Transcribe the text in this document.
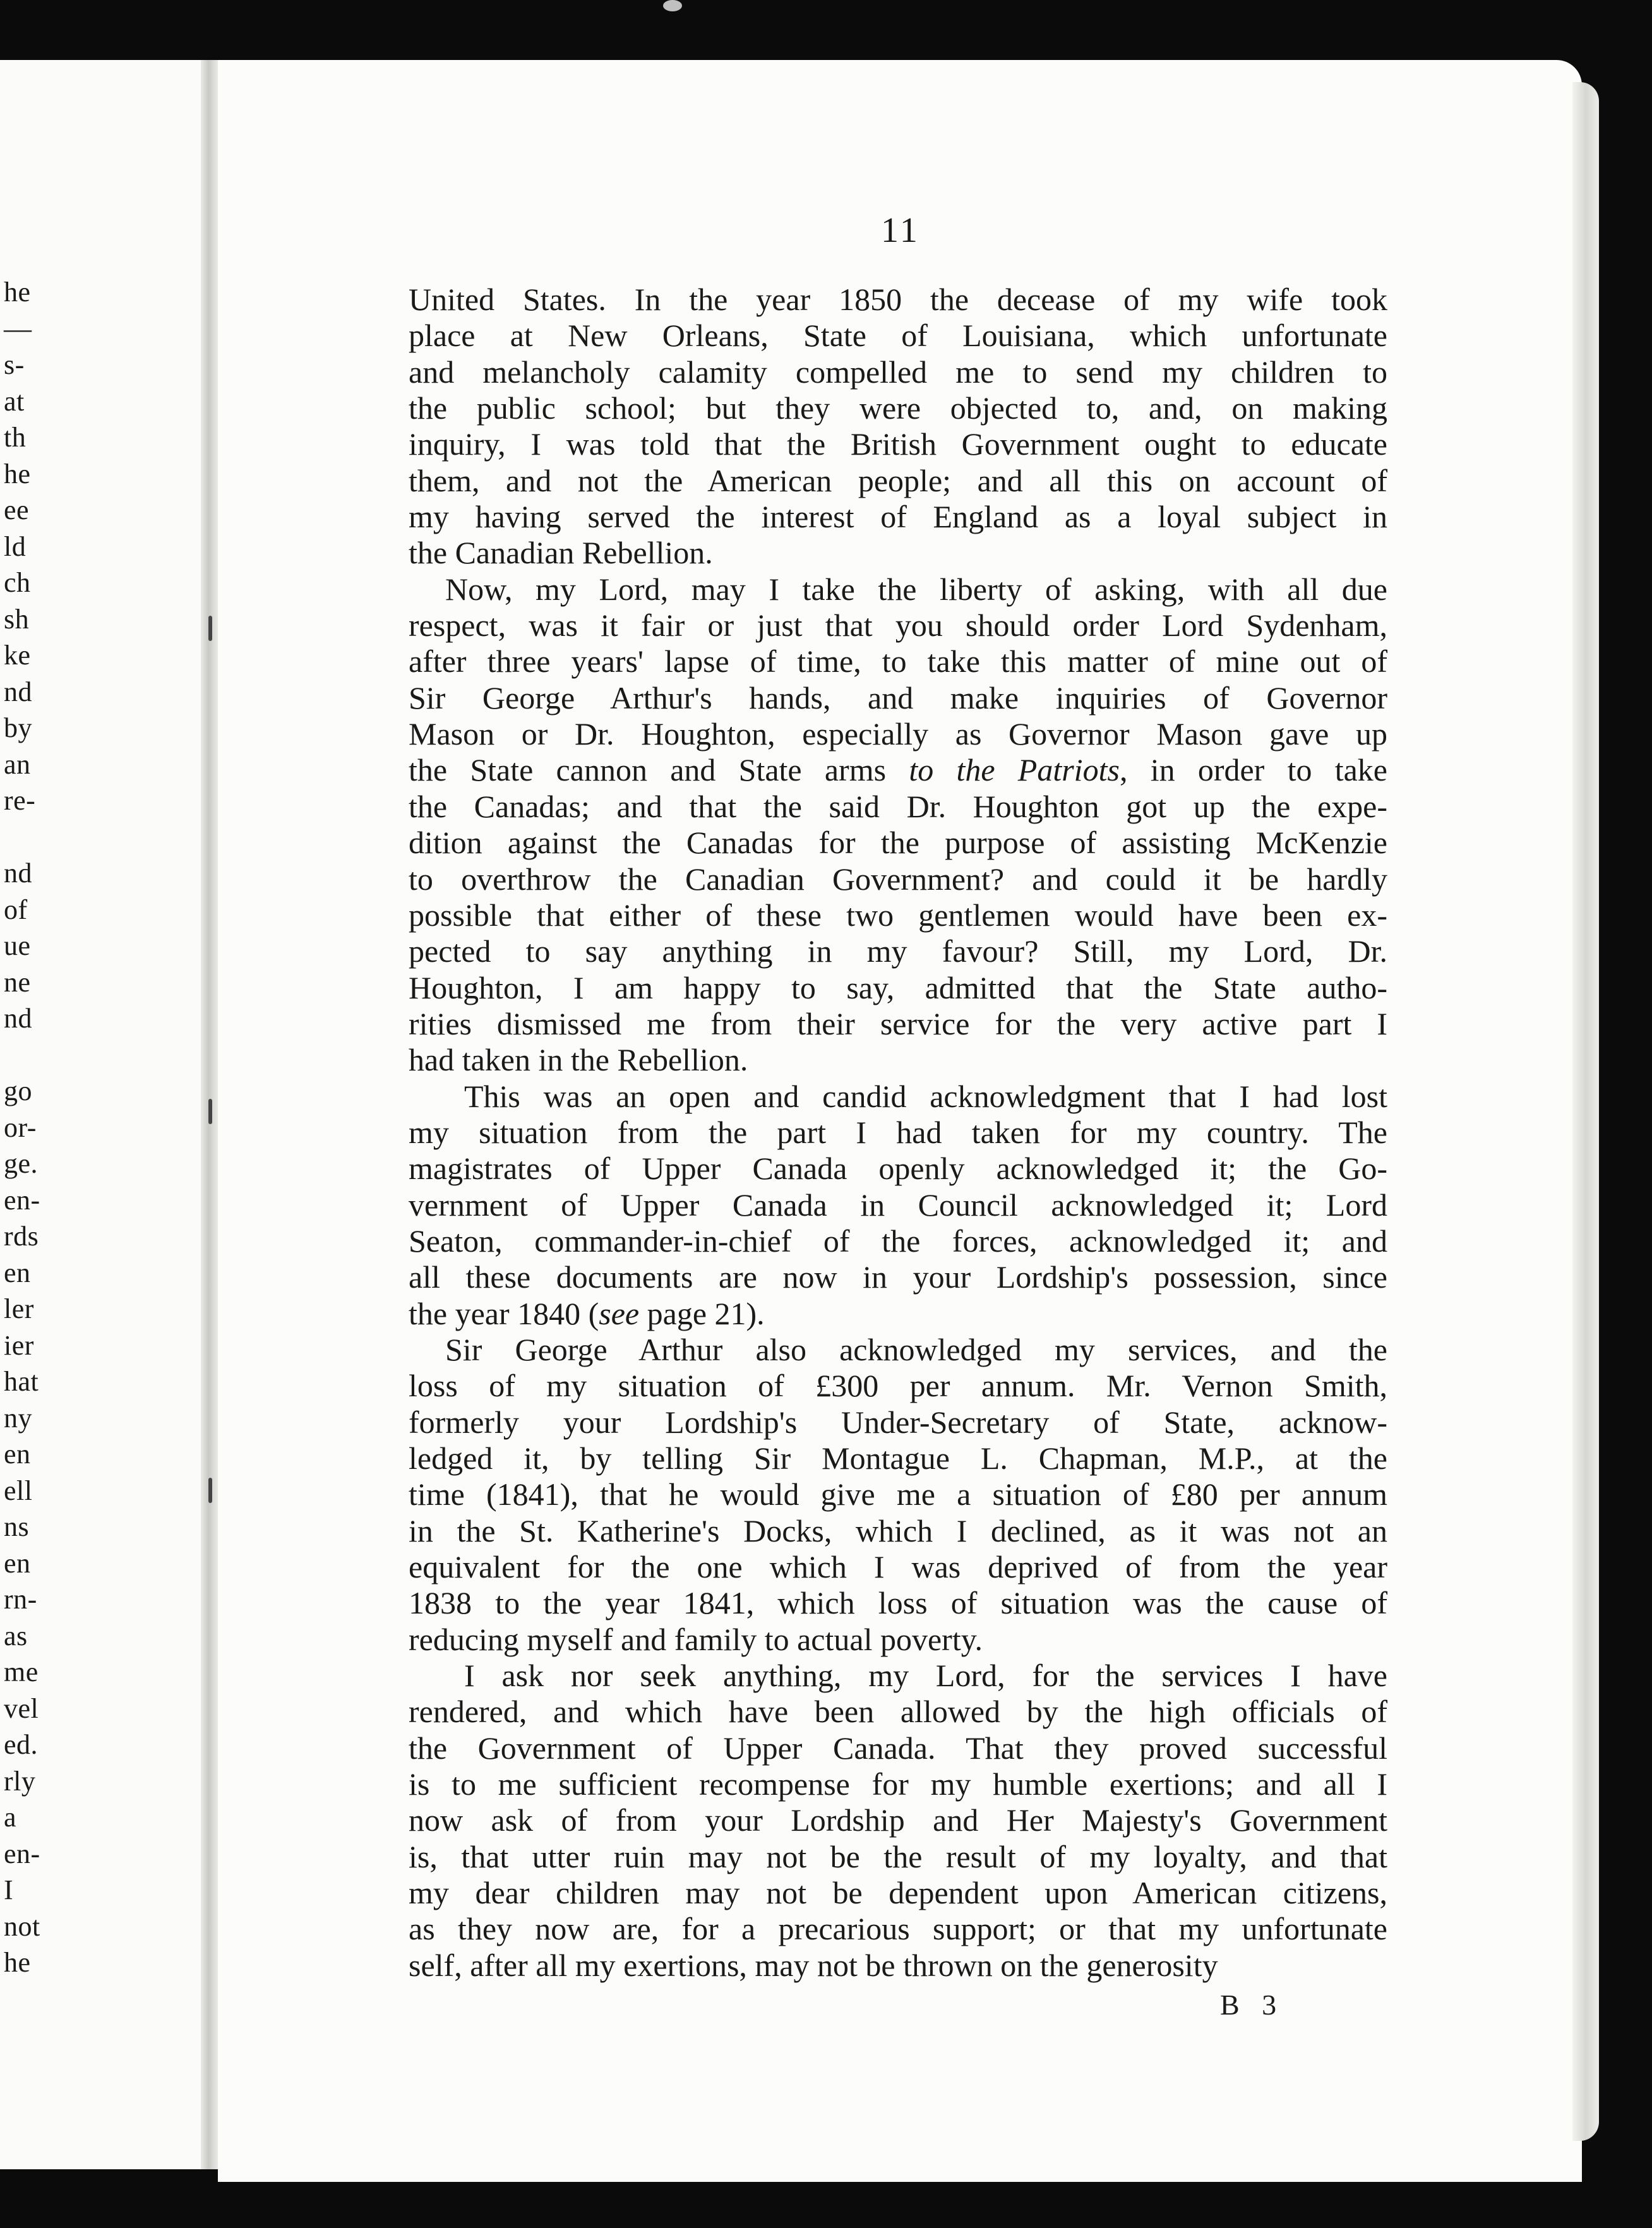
he
—
s-
at
th
he
ee
ld
ch
sh
ke
nd
by
an
re-
nd
of
ue
ne
nd
go
or-
ge.
en-
rds
en
ler
ier
hat
ny
en
ell
ns
en
rn-
as
me
vel
ed.
rly
a
en-
I
not
he
11
United States. In the year 1850 the decease of my wife took
place at New Orleans, State of Louisiana, which unfortunate
and melancholy calamity compelled me to send my children to
the public school; but they were objected to, and, on making
inquiry, I was told that the British Government ought to educate
them, and not the American people; and all this on account of
my having served the interest of England as a loyal subject in
the Canadian Rebellion.
Now, my Lord, may I take the liberty of asking, with all due
respect, was it fair or just that you should order Lord Sydenham,
after three years' lapse of time, to take this matter of mine out of
Sir George Arthur's hands, and make inquiries of Governor
Mason or Dr. Houghton, especially as Governor Mason gave up
the State cannon and State arms to the Patriots, in order to take
the Canadas; and that the said Dr. Houghton got up the expe-
dition against the Canadas for the purpose of assisting McKenzie
to overthrow the Canadian Government? and could it be hardly
possible that either of these two gentlemen would have been ex-
pected to say anything in my favour? Still, my Lord, Dr.
Houghton, I am happy to say, admitted that the State autho-
rities dismissed me from their service for the very active part I
had taken in the Rebellion.
This was an open and candid acknowledgment that I had lost
my situation from the part I had taken for my country. The
magistrates of Upper Canada openly acknowledged it; the Go-
vernment of Upper Canada in Council acknowledged it; Lord
Seaton, commander-in-chief of the forces, acknowledged it; and
all these documents are now in your Lordship's possession, since
the year 1840 (see page 21).
Sir George Arthur also acknowledged my services, and the
loss of my situation of £300 per annum. Mr. Vernon Smith,
formerly your Lordship's Under-Secretary of State, acknow-
ledged it, by telling Sir Montague L. Chapman, M.P., at the
time (1841), that he would give me a situation of £80 per annum
in the St. Katherine's Docks, which I declined, as it was not an
equivalent for the one which I was deprived of from the year
1838 to the year 1841, which loss of situation was the cause of
reducing myself and family to actual poverty.
I ask nor seek anything, my Lord, for the services I have
rendered, and which have been allowed by the high officials of
the Government of Upper Canada. That they proved successful
is to me sufficient recompense for my humble exertions; and all I
now ask of from your Lordship and Her Majesty's Government
is, that utter ruin may not be the result of my loyalty, and that
my dear children may not be dependent upon American citizens,
as they now are, for a precarious support; or that my unfortunate
self, after all my exertions, may not be thrown on the generosity
B 3
